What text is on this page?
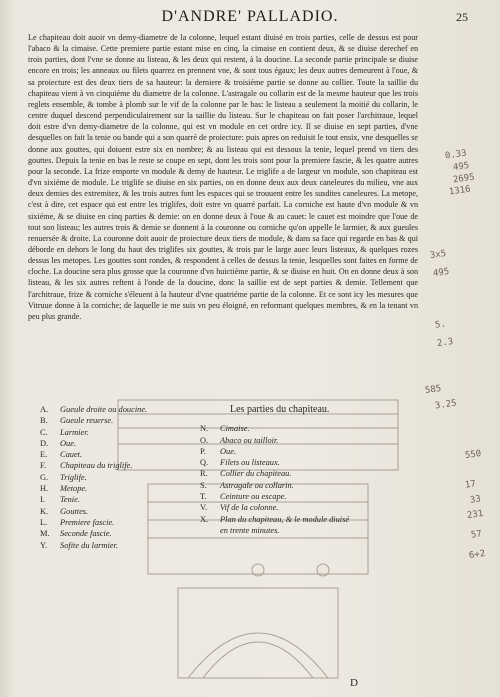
D'ANDRE' PALLADIO.	25
Le chapiteau doit auoir vn demy-diametre de la colonne, lequel estant diuisé en trois parties, celle de dessus est pour l'abaco & la cimaise. Cette premiere partie estant mise en cinq, la cimaise en contient deux, & se diuise derechef en trois parties, dont l'vne se donne au listeau, & les deux qui restent, à la doucine. La seconde partie principale se diuise encore en trois; les anneaux ou filets quarrez en prennent vne, & sont tous égaux; les deux autres demeurent à l'oue, & sa proiecture est des deux tiers de sa hauteur: la derniere & troisiéme partie se donne au collier. Toute la saillie du chapiteau vient à vn cinquiéme du diametre de la colonne. L'astragale ou collarin est de la mesme hauteur que les trois reglets ensemble, & tombe à plomb sur le vif de la colonne par le bas: le listeau a seulement la moitié du collarin, le centre duquel descend perpendiculairement sur la saillie du listeau. Sur le chapiteau on fait poser l'architraue, lequel doit estre d'vn demy-diametre de la colonne, qui est vn module en cet ordre icy. Il se diuise en sept parties, d'vne desquelles on fait la tenie ou bande qui a son quarré de proiecture: puis apres on reduisit le tout ensix, vne desquelles se donne aux gouttes, qui doiuent estre six en nombre; & au listeau qui est dessous la tenie, lequel prend vn tiers des gouttes. Depuis la tenie en bas le reste se coupe en sept, dont les trois sont pour la premiere fascie, & les quatre autres pour la seconde. La frize emporte vn module & demy de hauteur. Le triglife a de largeur vn module, son chapiteau est d'vn sixiéme de module. Le triglife se diuise en six parties, on en donne deux aux deux caneleures du milieu, vne aux deux demies des extremitez, & les trois autres font les espaces qui se trouuent entre les susdites caneleures. La metope, c'est à dire, cet espace qui est entre les triglifes, doit estre vn quarré parfait. La corniche est haute d'vn module & vn sixiéme, & se diuise en cinq parties & demie: on en donne deux à l'oue & au cauet: le cauet est moindre que l'oue de tout son listeau; les autres trois & demie se donnent à la couronne ou corniche qu'on appelle le larmier, & aux gueules renuersée & droite. La couronne doit auoir de proiecture deux tiers de module, & dans sa face qui regarde en bas & qui déborde en dehors le long du haut des triglifes six gouttes, & trois par le large auec leurs listeaux, & quelques rozes dessus les metopes. Les gouttes sont rondes, & respondent à celles de dessus la tenie, lesquelles sont faites en forme de cloche. La doucine sera plus grosse que la couronne d'vn huictiéme partie, & se diuise en huit. On en donne deux à son listeau, & les six autres reftent à l'onde de la doucine, donc la saillie est de sept parties & demie. Tellement que l'architraue, frize & corniche s'éleuent à la hauteur d'vne quatriéme partie de la colonne. Et ce sont icy les mesures que Vitruue donne à la corniche; de laquelle ie me suis vn peu éloigné, en reformant quelques membres, & en la tenant vn peu plus grande.
A.	Gueule droite ou doucine.
B.	Gueule reuerse.
C.	Larmier.
D.	Oue.
E.	Cauet.
F.	Chapiteau du triglife.
G.	Triglife.
H.	Metope.
I.	Tenie.
K.	Gouttes.
L.	Premiere fascie.
M.	Seconde fascie.
Y.	Sofite du larmier.
Les parties du chapiteau.
N.	Cimaise.
O.	Abaco ou tailloir.
P.	Oue.
Q.	Filets ou listeaux.
R.	Collier du chapiteau.
S.	Astragale ou collarin.
T.	Ceinture ou escape.
V.	Vif de la colonne.
X.	Plan du chapiteau, & le module diuisé
en trente minutes.
0.33
495
2695
1316
3x5
495
5.
2.3
585
3.25
550
17
33
231
57
6+2
D
